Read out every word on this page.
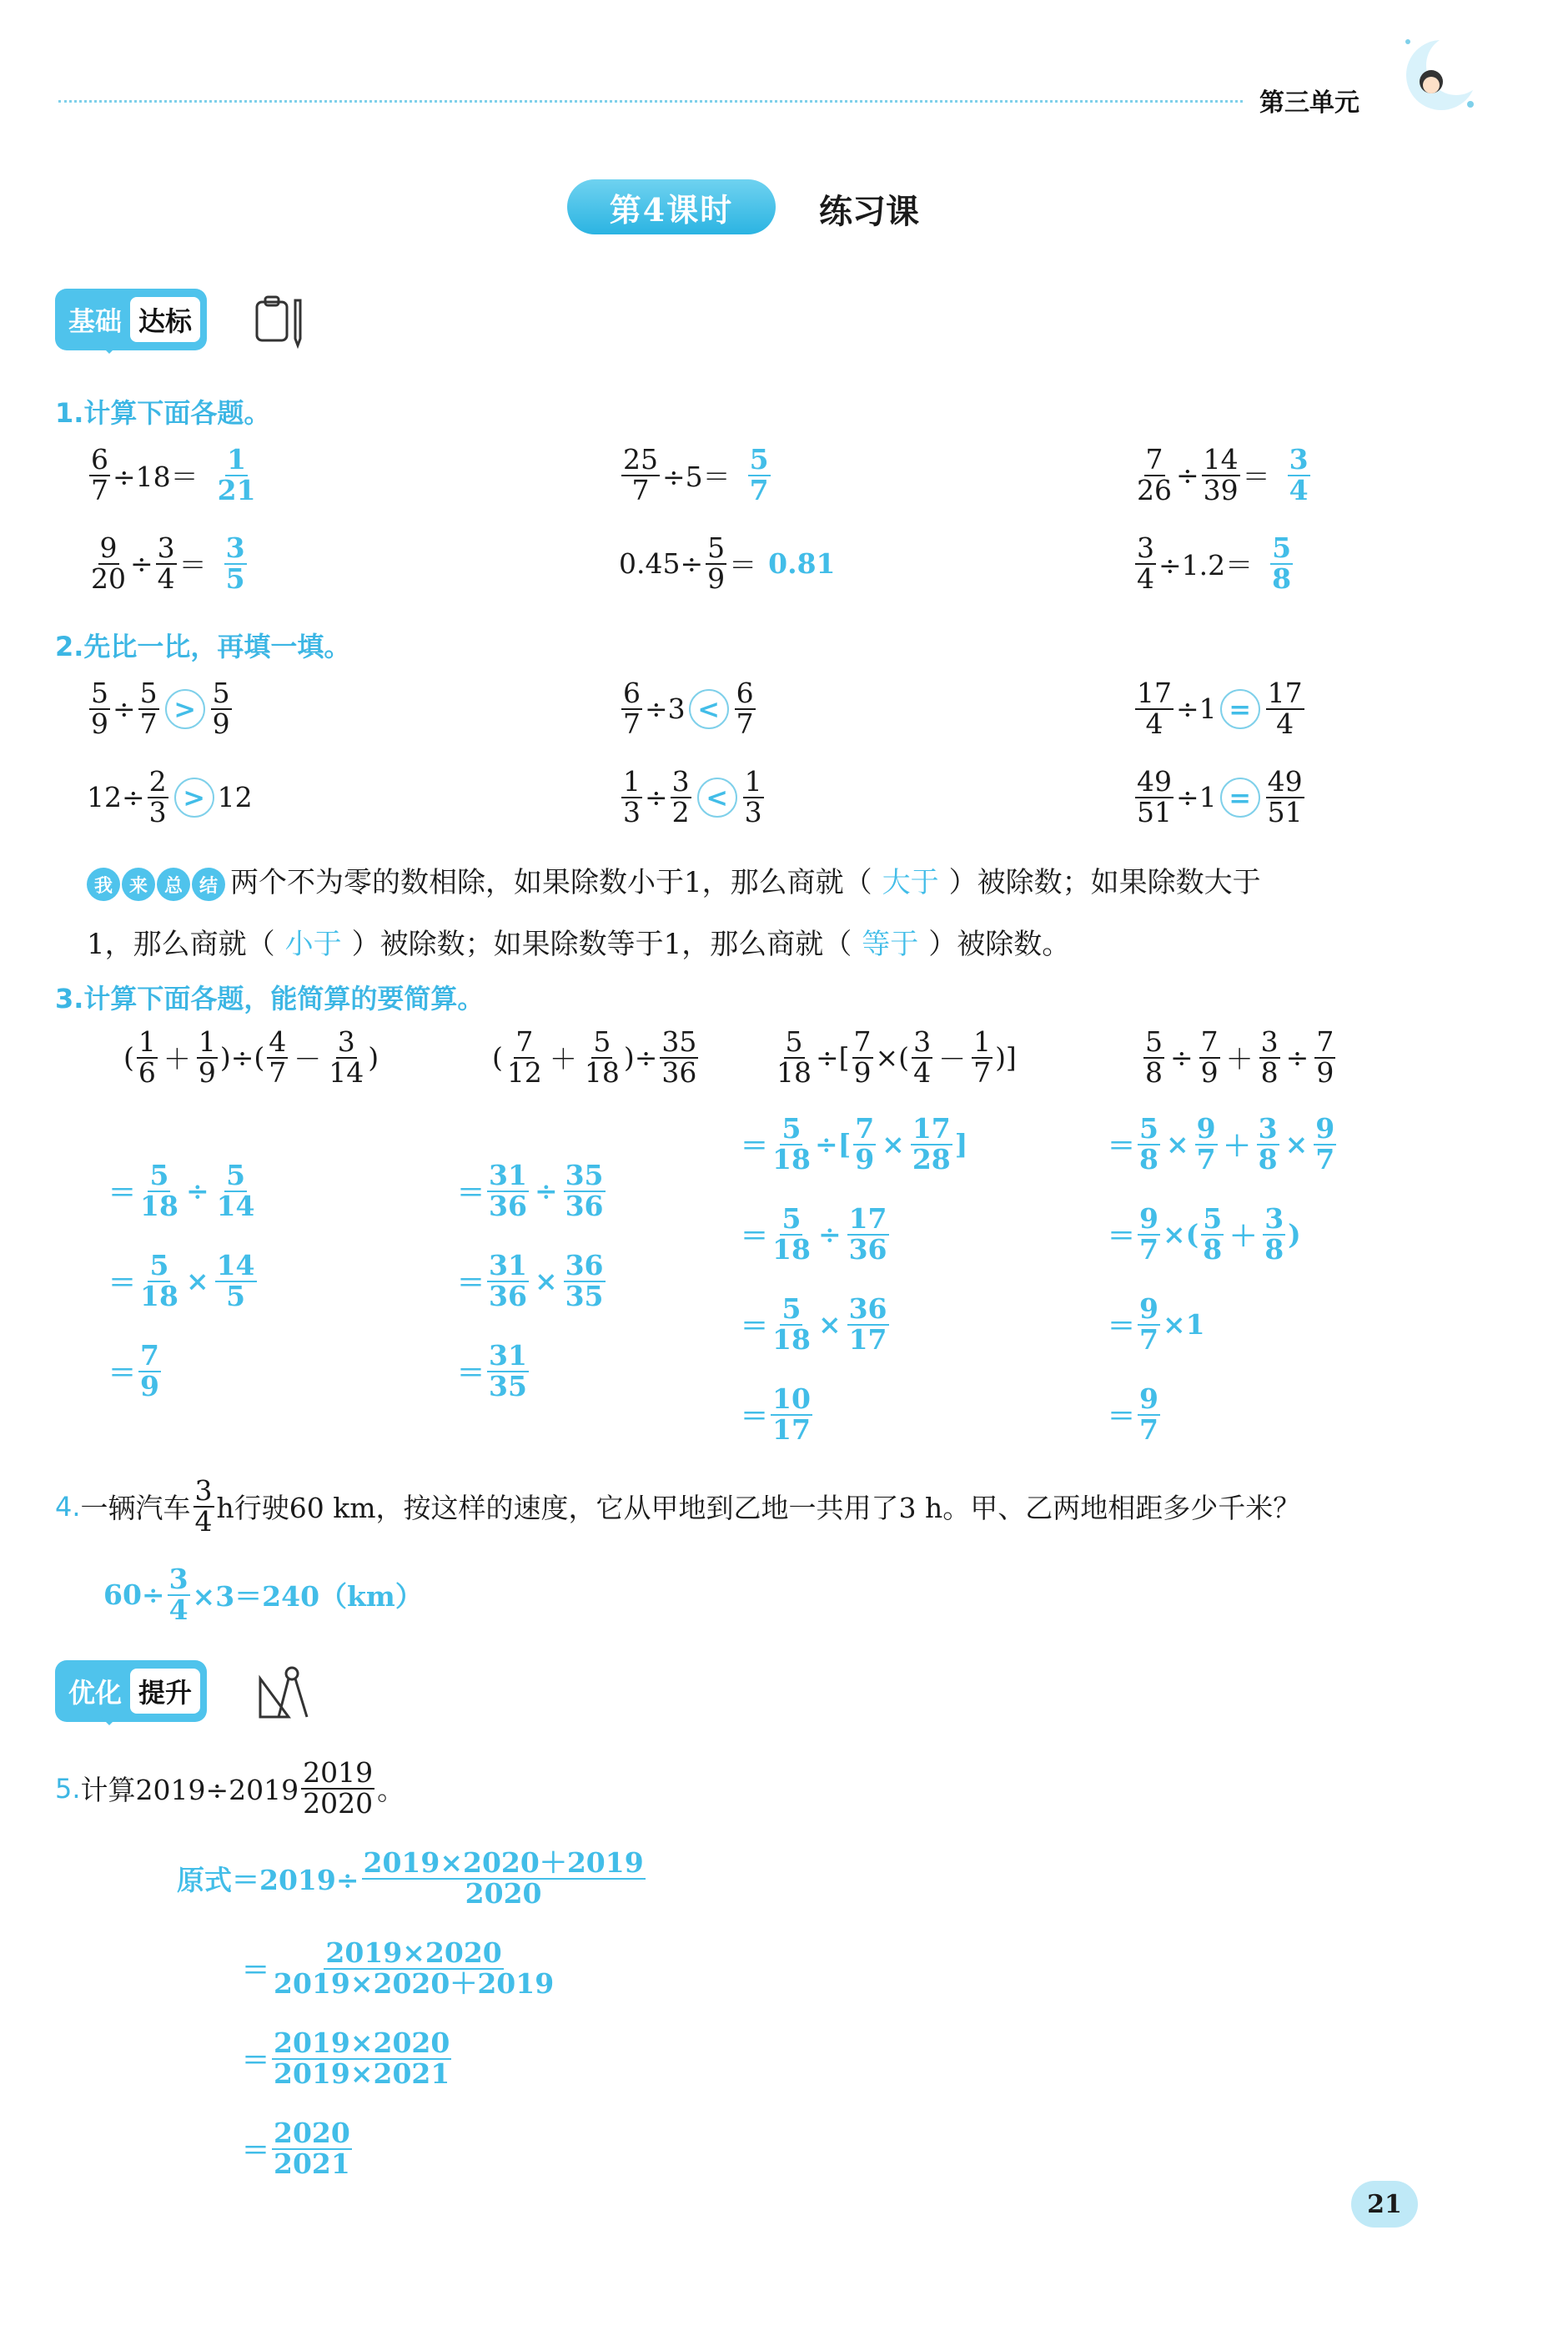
第三单元
第4课时	练习课
基础 达标
1.计算下面各题。
$\frac{6}{7} \div 18= \frac{1}{21}$	$\frac{25}{7} \div 5= \frac{5}{7}$	$\frac{7}{26} \div \frac{14}{39} = \frac{3}{4}$
$\frac{9}{20} \div \frac{3}{4} = \frac{3}{5}$	$0.45\div \frac{5}{9} = 0.81$	$\frac{3}{4} \div 1.2= \frac{5}{8}$
2.先比一比，再填一填。
$\frac{5}{9} \div \frac{5}{7} > \frac{5}{9}$	$\frac{6}{7} \div 3 < \frac{6}{7}$	$\frac{17}{4} \div 1 = \frac{17}{4}$
$12\div \frac{2}{3} > 12$	$\frac{1}{3} \div \frac{3}{2} < \frac{1}{3}$	$\frac{49}{51} \div 1 = \frac{49}{51}$
我 来 总 结 两个不为零的数相除，如果除数小于1，那么商就（ 大于 ）被除数；如果除数大于
1，那么商就（ 小于 ）被除数；如果除数等于1，那么商就（ 等于 ）被除数。
3.计算下面各题，能简算的要简算。
( $\frac{1}{6} + \frac{1}{9}$ )÷( $\frac{4}{7} - \frac{3}{14}$ )
＝ $\frac{5}{18} \div \frac{5}{14}$
＝ $\frac{5}{18} \times \frac{14}{5}$
＝ $\frac{7}{9}$
( $\frac{7}{12} + \frac{5}{18}$ )÷ $\frac{35}{36}$
＝ $\frac{31}{36} \div \frac{35}{36}$
＝ $\frac{31}{36} \times \frac{36}{35}$
＝ $\frac{31}{35}$
$\frac{5}{18}$ ÷[ $\frac{7}{9}$ ×( $\frac{3}{4} - \frac{1}{7}$ )]
＝ $\frac{5}{18}$ ÷[ $\frac{7}{9} \times \frac{17}{28}$ ]
＝ $\frac{5}{18} \div \frac{17}{36}$
＝ $\frac{5}{18} \times \frac{36}{17}$
＝ $\frac{10}{17}$
$\frac{5}{8} \div \frac{7}{9} + \frac{3}{8} \div \frac{7}{9}$
＝ $\frac{5}{8} \times \frac{9}{7} + \frac{3}{8} \times \frac{9}{7}$
＝ $\frac{9}{7}$ ×( $\frac{5}{8} + \frac{3}{8}$ )
＝ $\frac{9}{7} \times 1$
＝ $\frac{9}{7}$
4. 一辆汽车 $\frac{3}{4}$ h行驶60 km，按这样的速度，它从甲地到乙地一共用了3 h。甲、乙两地相距多少千米？
$60\div \frac{3}{4} \times 3=240(km)$
优化 提升
5. 计算$2019\div 2019 \frac{2019}{2020}$ 。
原式$=2019\div \frac{2019\times 2020+2019}{2020}$
＝ $\frac{2019\times 2020}{2019\times 2020+2019}$
＝ $\frac{2019\times 2020}{2019\times 2021}$
＝ $\frac{2020}{2021}$
21
